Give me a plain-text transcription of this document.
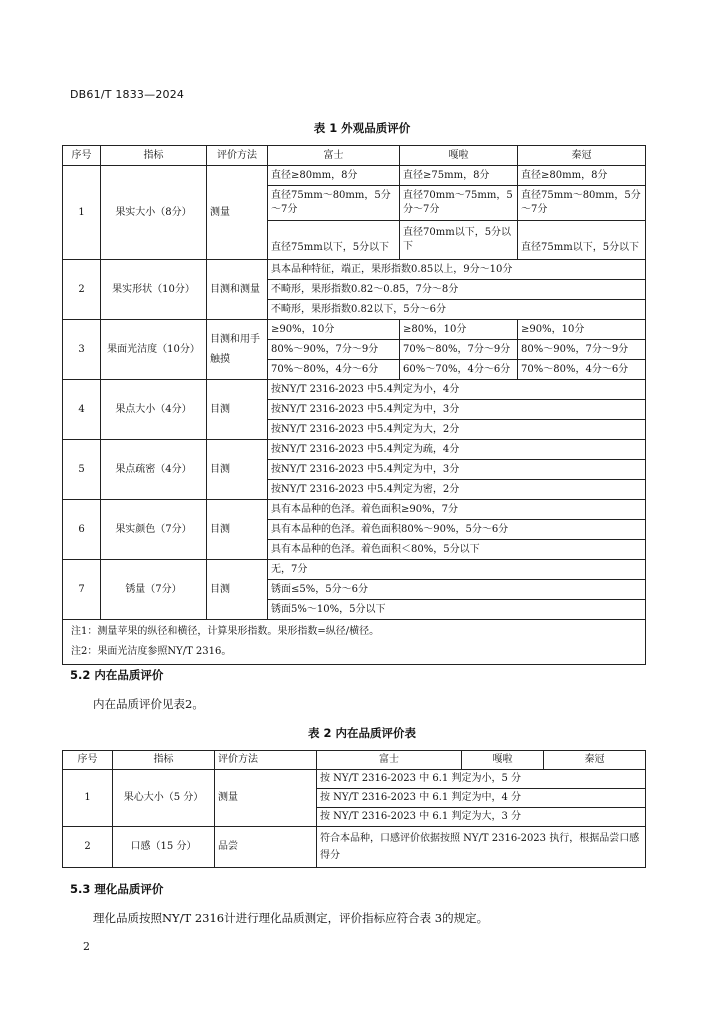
DB61/T 1833—2024
表 1 外观品质评价
序号	指标	评价方法	富士	嘎啦	秦冠
1	果实大小（8分）	测量	直径≥80mm，8分	直径≥75mm，8分	直径≥80mm，8分
			直径75mm～80mm，5分～7分	直径70mm～75mm，5分～7分	直径75mm～80mm，5分～7分
			直径75mm以下，5分以下	直径70mm以下，5分以下	直径75mm以下，5分以下
2	果实形状（10分）	目测和测量	具本品种特征，端正，果形指数0.85以上，9分～10分		
			不畸形，果形指数0.82～0.85，7分～8分		
			不畸形，果形指数0.82以下，5分～6分		
3	果面光洁度（10分）	目测和用手触摸	≥90%，10分	≥80%，10分	≥90%，10分
			80%～90%，7分～9分	70%～80%，7分～9分	80%～90%，7分～9分
			70%～80%，4分～6分	60%～70%，4分～6分	70%～80%，4分～6分
4	果点大小（4分）	目测	按NY/T 2316-2023 中5.4判定为小，4分		
			按NY/T 2316-2023 中5.4判定为中，3分		
			按NY/T 2316-2023 中5.4判定为大，2分		
5	果点疏密（4分）	目测	按NY/T 2316-2023 中5.4判定为疏，4分		
			按NY/T 2316-2023 中5.4判定为中，3分		
			按NY/T 2316-2023 中5.4判定为密，2分		
6	果实颜色（7分）	目测	具有本品种的色泽。着色面积≥90%，7分		
			具有本品种的色泽。着色面积80%～90%，5分～6分		
			具有本品种的色泽。着色面积＜80%，5分以下		
7	锈量（7分）	目测	无，7分		
			锈面≤5%，5分～6分		
			锈面5%～10%，5分以下		

注1：测量苹果的纵径和横径，计算果形指数。果形指数=纵径/横径。
注2：果面光洁度参照NY/T 2316。					
5.2 内在品质评价
内在品质评价见表2。
表 2 内在品质评价表
序号	指标	评价方法	富士	嘎啦	秦冠
1	果心大小（5 分）	测量	按 NY/T 2316-2023 中 6.1 判定为小，5 分		
			按 NY/T 2316-2023 中 6.1 判定为中，4 分		
			按 NY/T 2316-2023 中 6.1 判定为大，3 分		
2	口感（15 分）	品尝	符合本品种，口感评价依据按照 NY/T 2316-2023 执行，根据品尝口感得分		
5.3 理化品质评价
理化品质按照NY/T 2316计进行理化品质测定，评价指标应符合表 3的规定。
2
